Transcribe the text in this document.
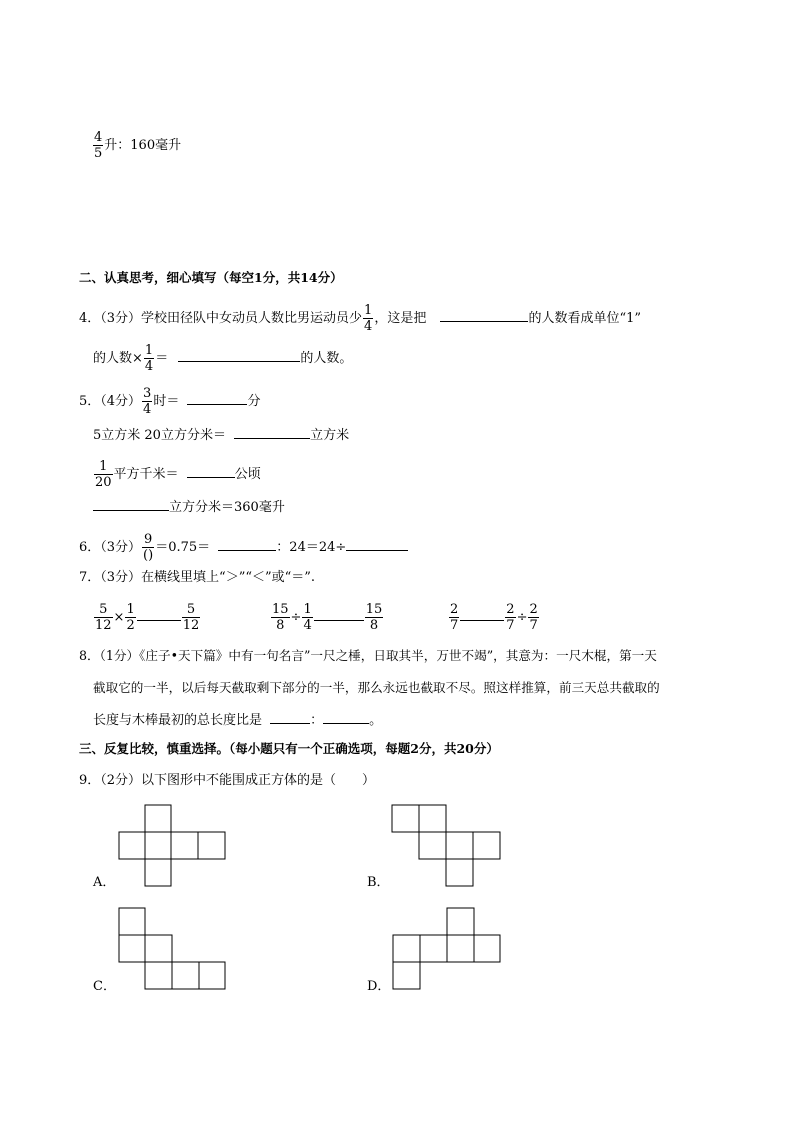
$\frac{4}{5}$ 升：160毫升
二、认真思考，细心填写（每空1分，共14分）
4．（3分）学校田径队中女动员人数比男运动员少 $\frac{1}{4}$ ，这是把	的人数看成单位“1”
的人数× $\frac{1}{4}$ ＝	的人数。
5．（4分） $\frac{3}{4}$ 时＝	分
5立方米 20立方分米＝	立方米
$\frac{1}{20}$ 平方千米＝	公顷
立方分米＝360毫升
6．（3分） $\frac{9}{()} =0.75=$	：24＝24÷
7．（3分）在横线里填上“＞”“＜”或“＝”.
$\frac{5}{12} \times \frac{1}{2}$	$\frac{5}{12}$	$\frac{15}{8} \div \frac{1}{4}$	$\frac{15}{8}$	$\frac{2}{7}$	$\frac{2}{7} \div \frac{2}{7}$
8．（1分）《庄子•天下篇》中有一句名言”一尺之棰，日取其半，万世不竭”，其意为：一尺木棍，第一天
截取它的一半，以后每天截取剩下部分的一半，那么永远也截取不尽。照这样推算，前三天总共截取的
长度与木棒最初的总长度比是	：	。
三、反复比较，慎重选择。（每小题只有一个正确选项，每题2分，共20分）
9．（2分）以下图形中不能围成正方体的是（　　）
A．	B．
C．	D．
